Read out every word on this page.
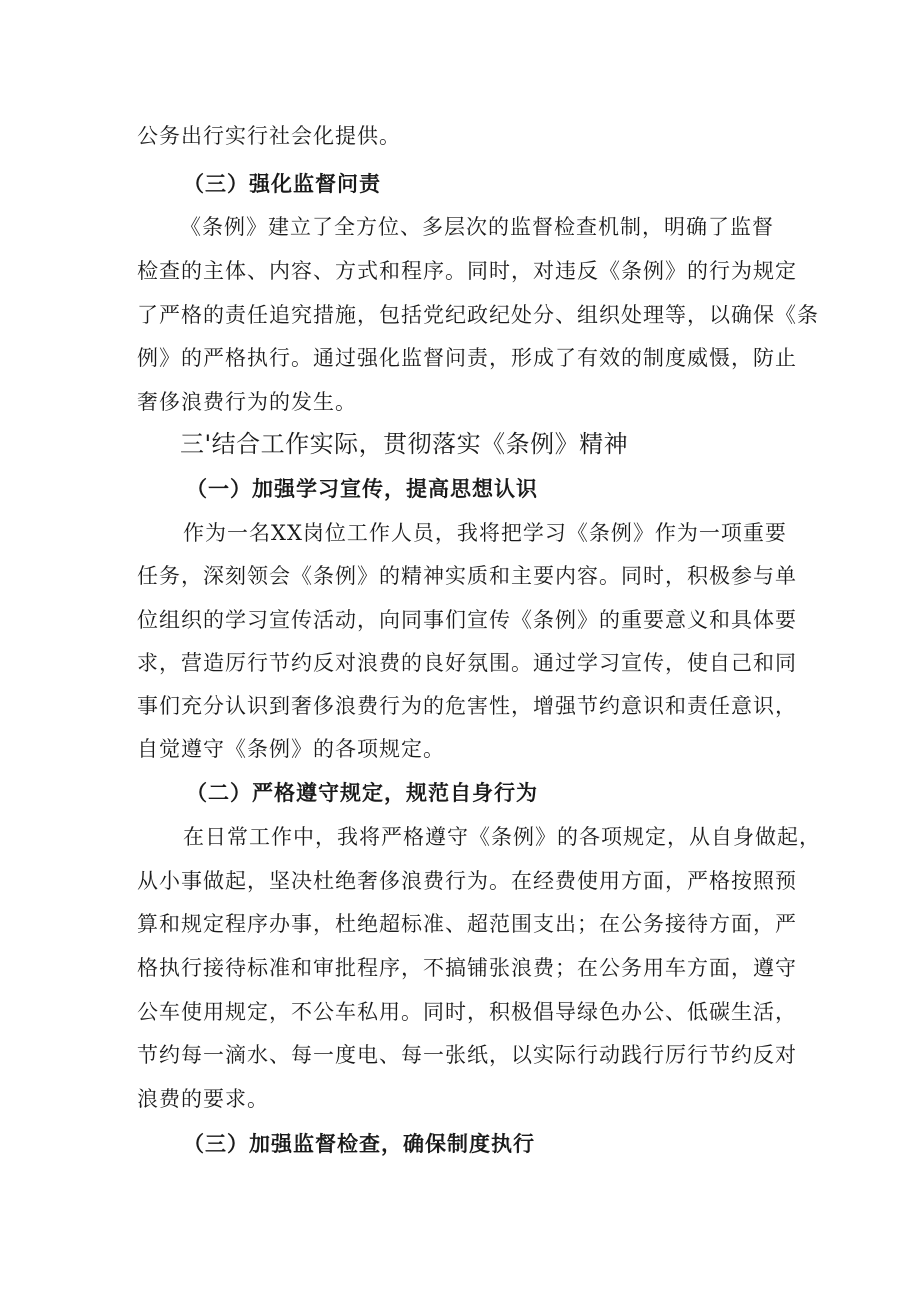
公务出行实行社会化提供。
（三）强化监督问责
《条例》建立了全方位、多层次的监督检查机制，明确了监督
检查的主体、内容、方式和程序。同时，对违反《条例》的行为规定
了严格的责任追究措施，包括党纪政纪处分、组织处理等，以确保《条
例》的严格执行。通过强化监督问责，形成了有效的制度威慑，防止
奢侈浪费行为的发生。
三'结合工作实际，贯彻落实《条例》精神
（一）加强学习宣传，提高思想认识
作为一名XX岗位工作人员，我将把学习《条例》作为一项重要
任务，深刻领会《条例》的精神实质和主要内容。同时，积极参与单
位组织的学习宣传活动，向同事们宣传《条例》的重要意义和具体要
求，营造厉行节约反对浪费的良好氛围。通过学习宣传，使自己和同
事们充分认识到奢侈浪费行为的危害性，增强节约意识和责任意识，
自觉遵守《条例》的各项规定。
（二）严格遵守规定，规范自身行为
在日常工作中，我将严格遵守《条例》的各项规定，从自身做起，
从小事做起，坚决杜绝奢侈浪费行为。在经费使用方面，严格按照预
算和规定程序办事，杜绝超标准、超范围支出；在公务接待方面，严
格执行接待标准和审批程序，不搞铺张浪费；在公务用车方面，遵守
公车使用规定，不公车私用。同时，积极倡导绿色办公、低碳生活，
节约每一滴水、每一度电、每一张纸，以实际行动践行厉行节约反对
浪费的要求。
（三）加强监督检查，确保制度执行
